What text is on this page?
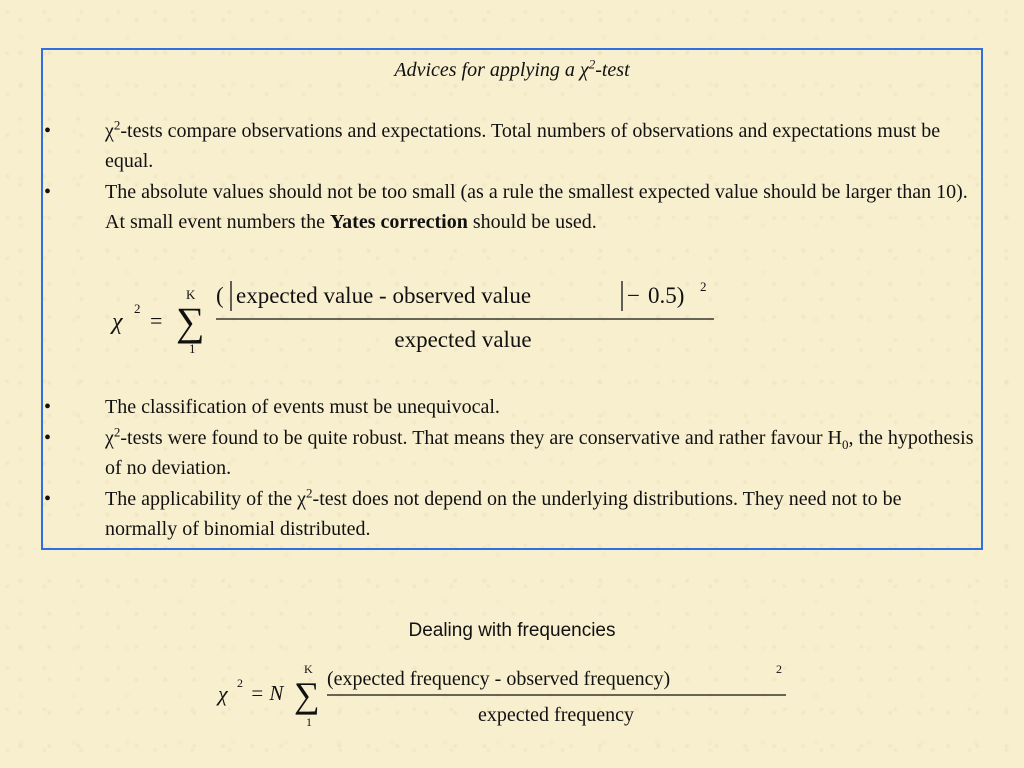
Advices for applying a $\chi^2$-test
•	$\chi^2$-tests compare observations and expectations. Total numbers of observations and expectations must be equal.
•	The absolute values should not be too small (as a rule the smallest expected value should be larger than 10). At small event numbers the Yates correction should be used.
χ
2 =
K
∑
1
( expected value - observed value	− 0.5) 2
expected value
•	The classification of events must be unequivocal.
•	$\chi^2$-tests were found to be quite robust. That means they are conservative and rather favour $H_0$, the hypothesis of no deviation.
•	The applicability of the $\chi^2$-test does not depend on the underlying distributions. They need not to be normally of binomial distributed.
Dealing with frequencies
χ 2 = N
K
∑
1
(expected frequency - observed frequency)	2
expected frequency
